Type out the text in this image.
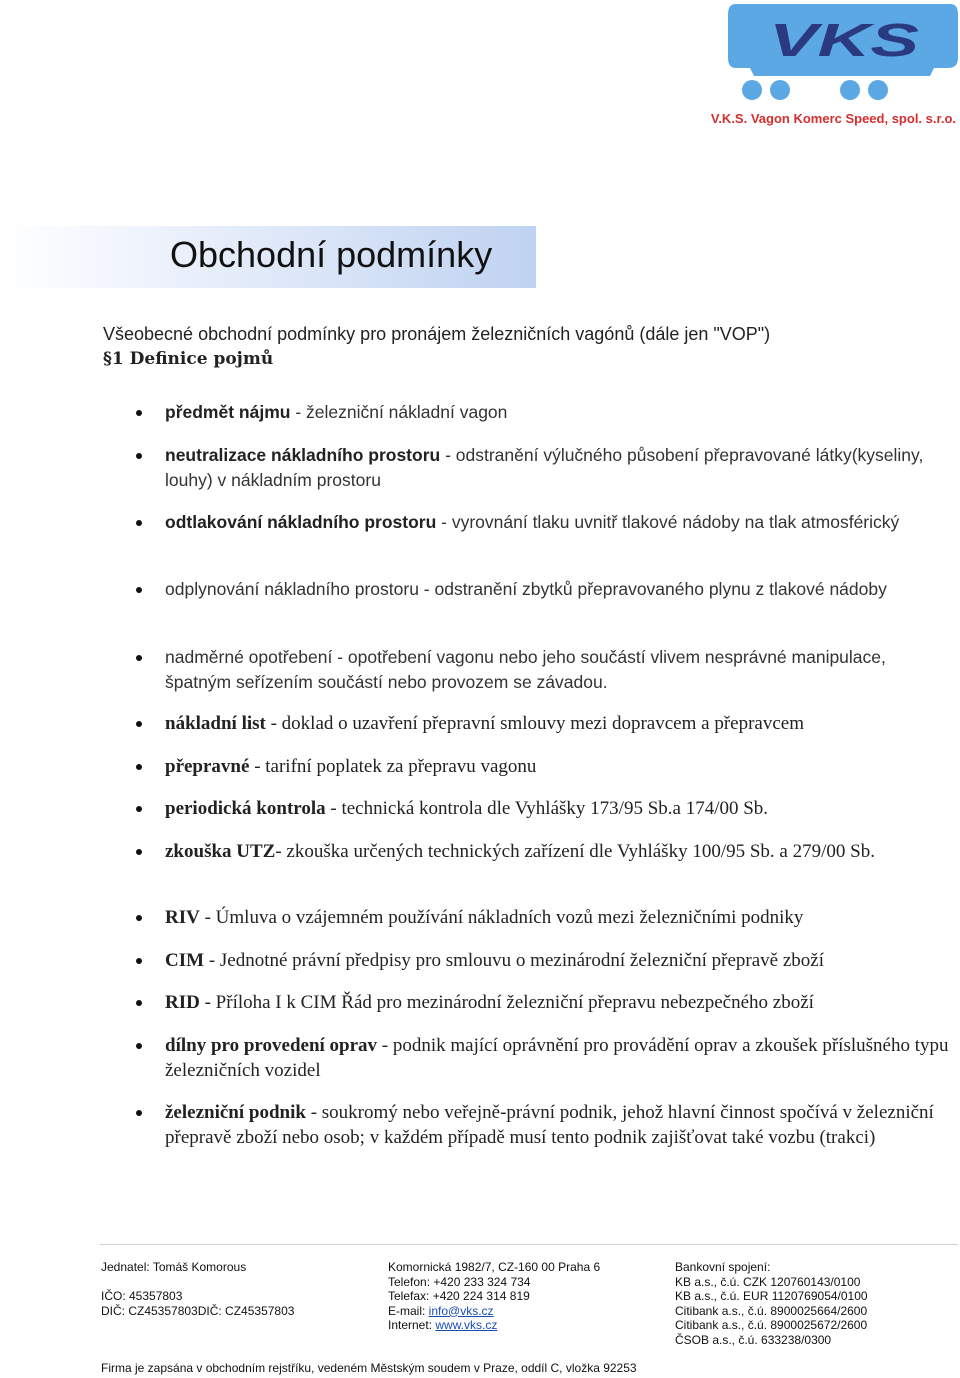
VKS
V.K.S. Vagon Komerc Speed, spol. s.r.o.
Obchodní podmínky
Všeobecné obchodní podmínky pro pronájem železničních vagónů (dále jen "VOP")
§1 Definice pojmů
předmět nájmu - železniční nákladní vagon
neutralizace nákladního prostoru - odstranění výlučného působení přepravované látky(kyseliny, louhy) v nákladním prostoru
odtlakování nákladního prostoru - vyrovnání tlaku uvnitř tlakové nádoby na tlak atmosférický
odplynování nákladního prostoru - odstranění zbytků přepravovaného plynu z tlakové nádoby
nadměrné opotřebení - opotřebení vagonu nebo jeho součástí vlivem nesprávné manipulace, špatným seřízením součástí nebo provozem se závadou.
nákladní list - doklad o uzavření přepravní smlouvy mezi dopravcem a přepravcem
přepravné - tarifní poplatek za přepravu vagonu
periodická kontrola - technická kontrola dle Vyhlášky 173/95 Sb.a 174/00 Sb.
zkouška UTZ- zkouška určených technických zařízení dle Vyhlášky 100/95 Sb. a 279/00 Sb.
RIV - Úmluva o vzájemném používání nákladních vozů mezi železničními podniky
CIM - Jednotné právní předpisy pro smlouvu o mezinárodní železniční přepravě zboží
RID - Příloha I k CIM Řád pro mezinárodní železniční přepravu nebezpečného zboží
dílny pro provedení oprav - podnik mající oprávnění pro provádění oprav a zkoušek příslušného typu železničních vozidel
železniční podnik - soukromý nebo veřejně-právní podnik, jehož hlavní činnost spočívá v železniční přepravě zboží nebo osob; v každém případě musí tento podnik zajišťovat také vozbu (trakci)
Jednatel: Tomáš Komorous
IČO: 45357803
DIČ: CZ45357803DIČ: CZ45357803
Komornická 1982/7, CZ-160 00 Praha 6
Telefon: +420 233 324 734
Telefax: +420 224 314 819
E-mail: info@vks.cz
Internet: www.vks.cz
Bankovní spojení:
KB a.s., č.ú. CZK 120760143/0100
KB a.s., č.ú. EUR 1120769054/0100
Citibank a.s., č.ú. 8900025664/2600
Citibank a.s., č.ú. 8900025672/2600
ČSOB a.s., č.ú. 633238/0300
Firma je zapsána v obchodním rejstříku, vedeném Městským soudem v Praze, oddíl C, vložka 92253
